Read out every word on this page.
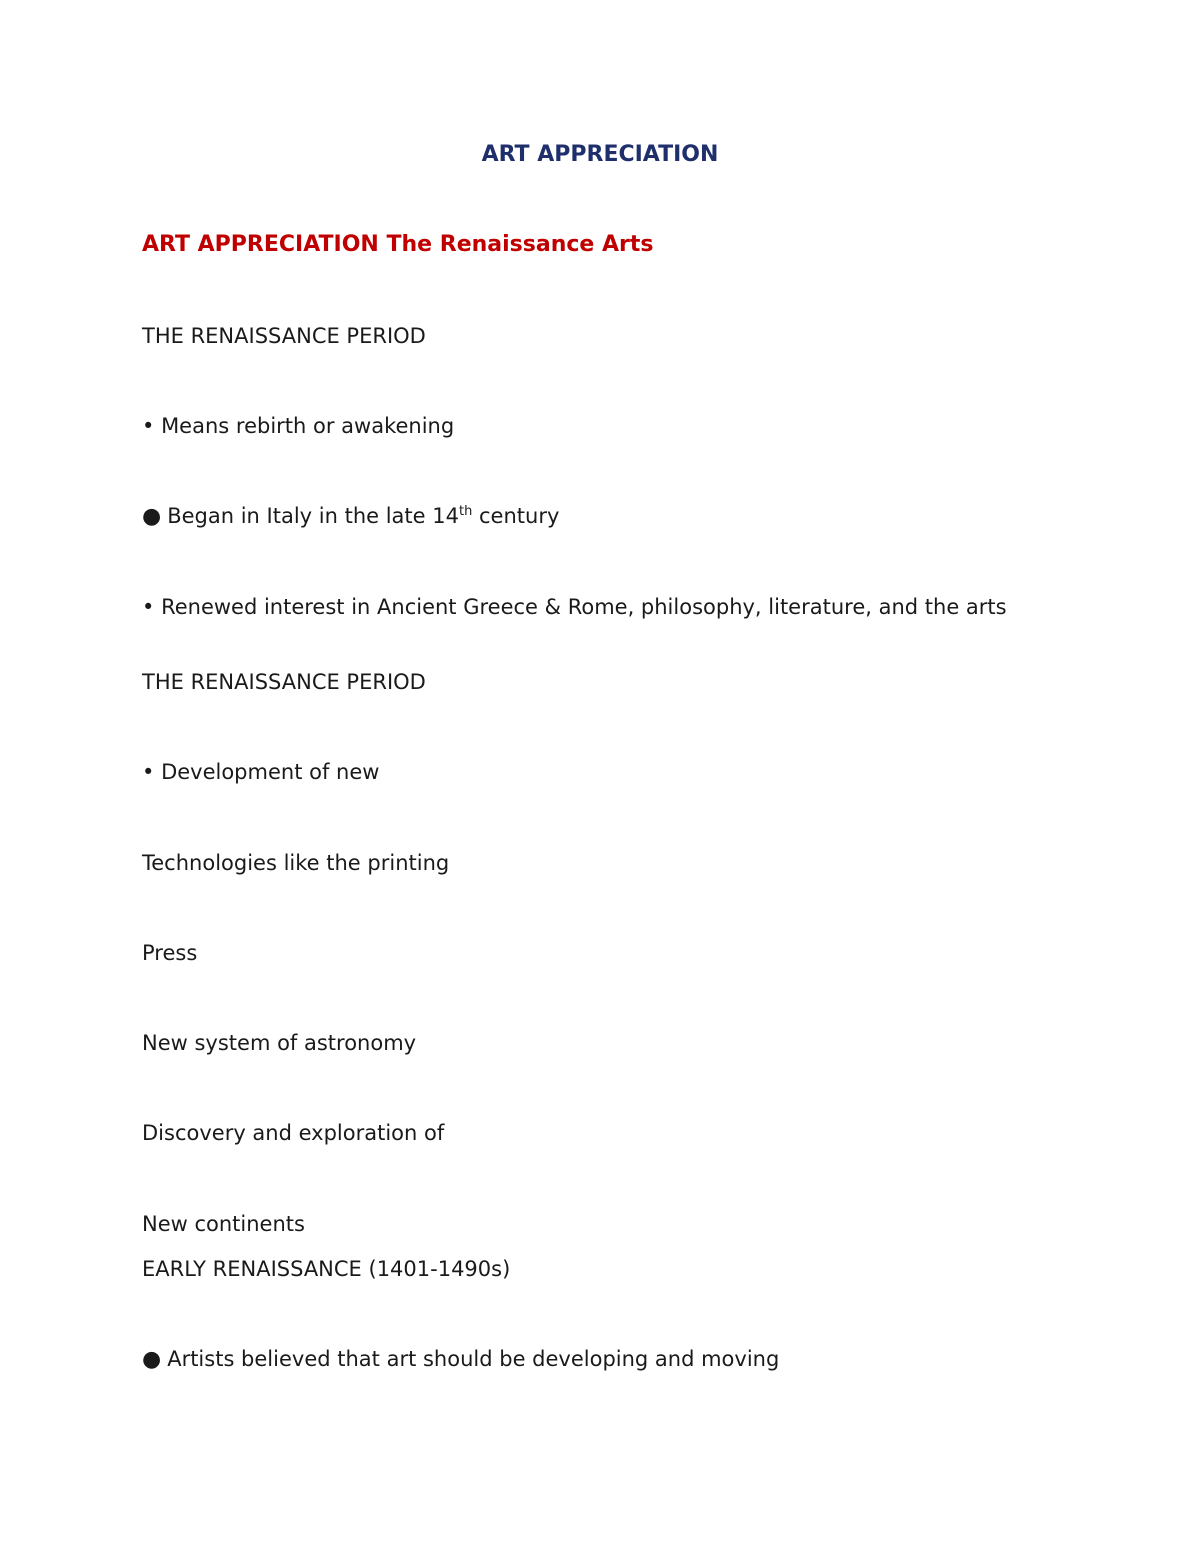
ART APPRECIATION
ART APPRECIATION The Renaissance Arts
THE RENAISSANCE PERIOD
• Means rebirth or awakening
● Began in Italy in the late 14th century
• Renewed interest in Ancient Greece & Rome, philosophy, literature, and the arts
THE RENAISSANCE PERIOD
• Development of new
Technologies like the printing
Press
New system of astronomy
Discovery and exploration of
New continents
EARLY RENAISSANCE (1401-1490s)
● Artists believed that art should be developing and moving
